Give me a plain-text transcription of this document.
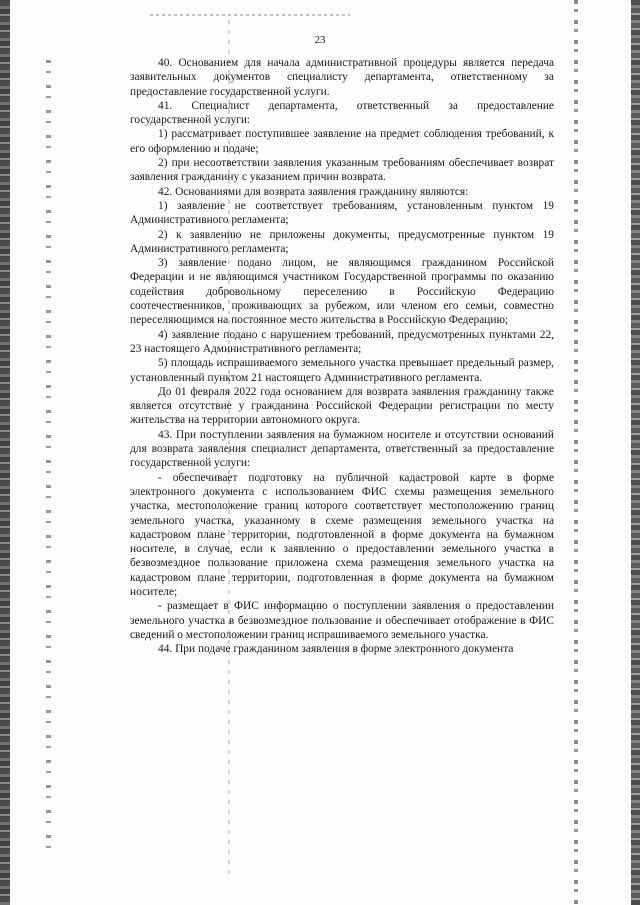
23

40. Основанием для начала административной процедуры является передача заявительных документов специалисту департамента, ответственному за предоставление государственной услуги.

41. Специалист департамента, ответственный за предоставление государственной услуги:

1) рассматривает поступившее заявление на предмет соблюдения требований, к его оформлению и подаче;

2) при несоответствии заявления указанным требованиям обеспечивает возврат заявления гражданину с указанием причин возврата.

42. Основаниями для возврата заявления гражданину являются:

1) заявление не соответствует требованиям, установленным пунктом 19 Административного регламента;

2) к заявлению не приложены документы, предусмотренные пунктом 19 Административного регламента;

3) заявление подано лицом, не являющимся гражданином Российской Федерации и не являющимся участником Государственной программы по оказанию содействия добровольному переселению в Российскую Федерацию соотечественников, проживающих за рубежом, или членом его семьи, совместно переселяющимся на постоянное место жительства в Российскую Федерацию;

4) заявление подано с нарушением требований, предусмотренных пунктами 22, 23 настоящего Административного регламента;

5) площадь испрашиваемого земельного участка превышает предельный размер, установленный пунктом 21 настоящего Административного регламента.

До 01 февраля 2022 года основанием для возврата заявления гражданину также является отсутствие у гражданина Российской Федерации регистрации по месту жительства на территории автономного округа.

43. При поступлении заявления на бумажном носителе и отсутствии оснований для возврата заявления специалист департамента, ответственный за предоставление государственной услуги:

- обеспечивает подготовку на публичной кадастровой карте в форме электронного документа с использованием ФИС схемы размещения земельного участка, местоположение границ которого соответствует местоположению границ земельного участка, указанному в схеме размещения земельного участка на кадастровом плане территории, подготовленной в форме документа на бумажном носителе, в случае, если к заявлению о предоставлении земельного участка в безвозмездное пользование приложена схема размещения земельного участка на кадастровом плане территории, подготовленная в форме документа на бумажном носителе;

- размещает в ФИС информацию о поступлении заявления о предоставлении земельного участка в безвозмездное пользование и обеспечивает отображение в ФИС сведений о местоположении границ испрашиваемого земельного участка.

44. При подаче гражданином заявления в форме электронного документа
